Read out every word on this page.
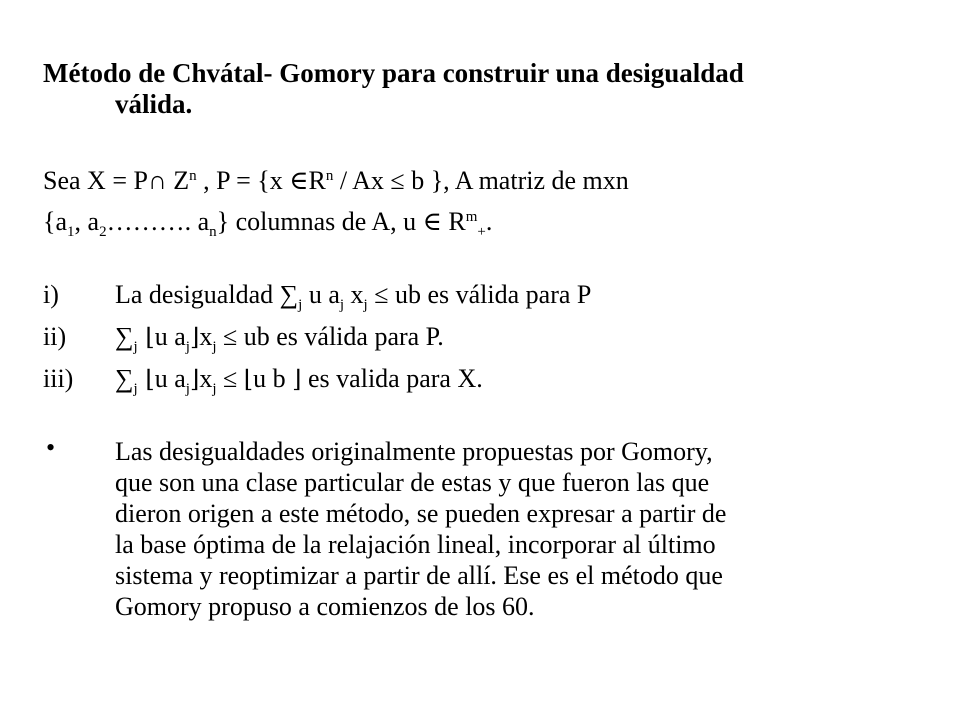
Método de Chvátal- Gomory para construir una desigualdad
válida.
Sea X = P∩ $Z^n$ , P = {x $\in R^n / Ax \le b$ }, A matriz de mxn
{$a_1$, $a_2\dots\dots\dots$. $a_n$} columnas de A, u ∈ $R^m_+$.
i) La desigualdad $\sum_j$ u $a_j$ $x_j$ ≤ ub es válida para P
ii) $\sum_j$ ⌊u $a_j⌋x_j$ ≤ ub es válida para P.
iii) $\sum_j$ ⌊u $a_j⌋x_j$ ≤ ⌊u b ⌋ es valida para X.
• Las desigualdades originalmente propuestas por Gomory,
que son una clase particular de estas y que fueron las que
dieron origen a este método, se pueden expresar a partir de
la base óptima de la relajación lineal, incorporar al último
sistema y reoptimizar a partir de allí. Ese es el método que
Gomory propuso a comienzos de los 60.
